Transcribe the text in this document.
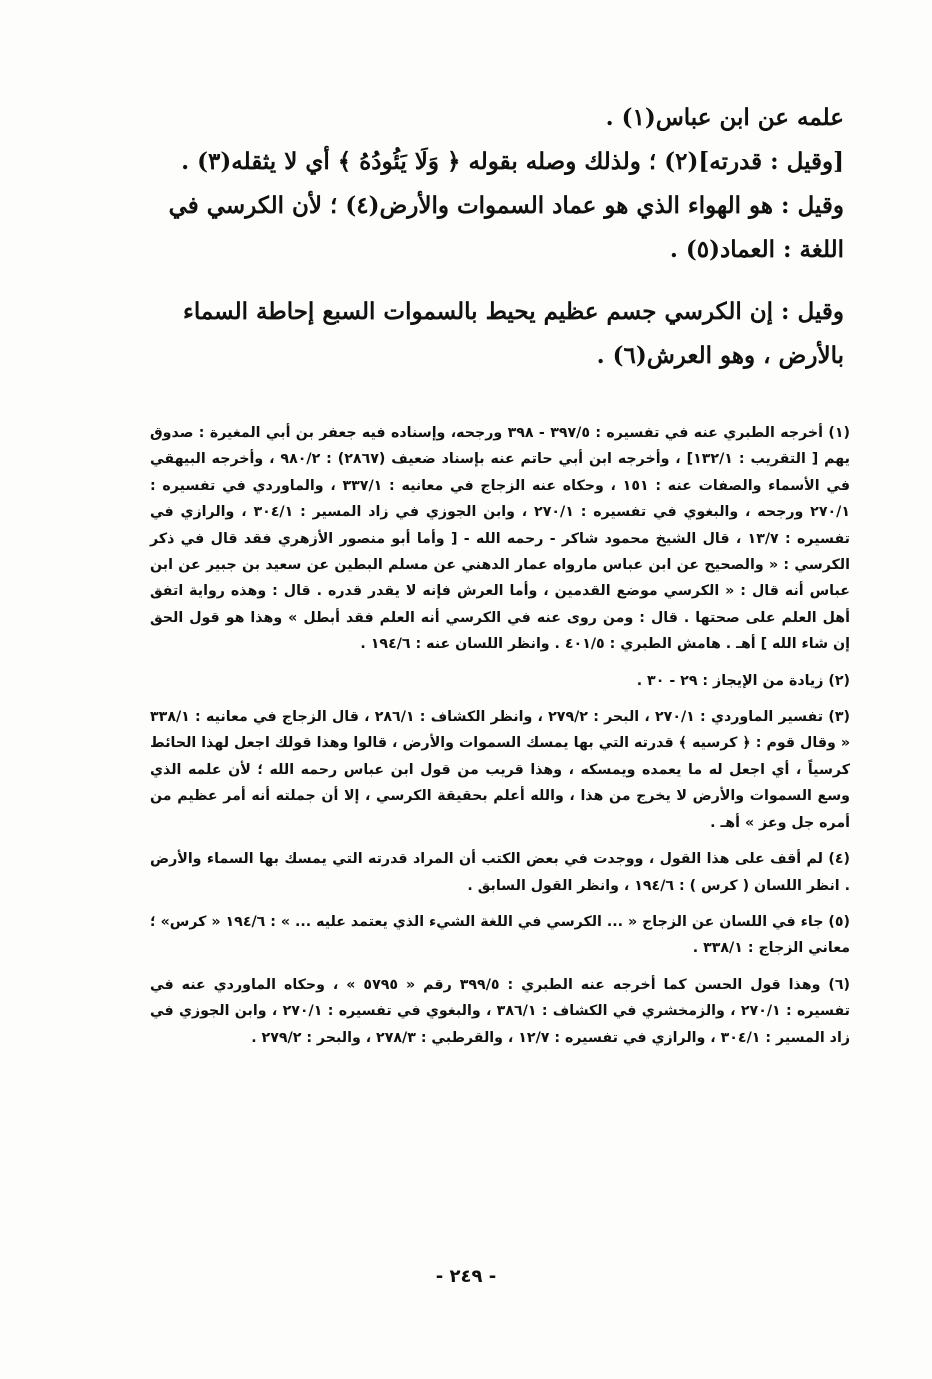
علمه عن ابن عباس(١) .

[وقيل : قدرته](٢) ؛ ولذلك وصله بقوله ﴿ وَلَا يَئُودُهُ ﴾ أي لا يثقله(٣) .

وقيل : هو الهواء الذي هو عماد السموات والأرض(٤) ؛ لأن الكرسي في اللغة : العماد(٥) .

وقيل : إن الكرسي جسم عظيم يحيط بالسموات السبع إحاطة السماء بالأرض ، وهو العرش(٦) .

(١) أخرجه الطبري عنه في تفسيره : ٣٩٧/٥ - ٣٩٨ ورجحه، وإسناده فيه جعفر بن أبي المغيرة : صدوق يهم [ التقريب : ١٣٢/١] ، وأخرجه ابن أبي حاتم عنه بإسناد ضعيف (٢٨٦٧) : ٩٨٠/٢ ، وأخرجه البيهقي في الأسماء والصفات عنه : ١٥١ ، وحكاه عنه الزجاج في معانيه : ٣٣٧/١ ، والماوردي في تفسيره : ٢٧٠/١ ورجحه ، والبغوي في تفسيره : ٢٧٠/١ ، وابن الجوزي في زاد المسير : ٣٠٤/١ ، والرازي في تفسيره : ١٣/٧ ، قال الشيخ محمود شاكر - رحمه الله - [ وأما أبو منصور الأزهري فقد قال في ذكر الكرسي : « والصحيح عن ابن عباس مارواه عمار الدهني عن مسلم البطين عن سعيد بن جبير عن ابن عباس أنه قال : « الكرسي موضع القدمين ، وأما العرش فإنه لا يقدر قدره . قال : وهذه رواية اتفق أهل العلم على صحتها . قال : ومن روى عنه في الكرسي أنه العلم فقد أبطل » وهذا هو قول الحق إن شاء الله ] أهـ . هامش الطبري : ٤٠١/٥ . وانظر اللسان عنه : ١٩٤/٦ .

(٢) زيادة من الإيجاز : ٢٩ - ٣٠ .

(٣) تفسير الماوردي : ٢٧٠/١ ، البحر : ٢٧٩/٢ ، وانظر الكشاف : ٢٨٦/١ ، قال الزجاج في معانيه : ٣٣٨/١ « وقال قوم : ﴿ كرسيه ﴾ قدرته التي بها يمسك السموات والأرض ، قالوا وهذا قولك اجعل لهذا الحائط كرسياً ، أي اجعل له ما يعمده ويمسكه ، وهذا قريب من قول ابن عباس رحمه الله ؛ لأن علمه الذي وسع السموات والأرض لا يخرج من هذا ، والله أعلم بحقيقة الكرسي ، إلا أن جملته أنه أمر عظيم من أمره جل وعز » أهـ .

(٤) لم أقف على هذا القول ، ووجدت في بعض الكتب أن المراد قدرته التي يمسك بها السماء والأرض . انظر اللسان ( كرس ) : ١٩٤/٦ ، وانظر القول السابق .

(٥) جاء في اللسان عن الزجاج « ... الكرسي في اللغة الشيء الذي يعتمد عليه ... » : ١٩٤/٦ « كرس» ؛ معاني الزجاج : ٣٣٨/١ .

(٦) وهذا قول الحسن كما أخرجه عنه الطبري : ٣٩٩/٥ رقم « ٥٧٩٥ » ، وحكاه الماوردي عنه في تفسيره : ٢٧٠/١ ، والزمخشري في الكشاف : ٣٨٦/١ ، والبغوي في تفسيره : ٢٧٠/١ ، وابن الجوزي في زاد المسير : ٣٠٤/١ ، والرازي في تفسيره : ١٢/٧ ، والقرطبي : ٢٧٨/٣ ، والبحر : ٢٧٩/٢ .

- ٢٤٩ -
